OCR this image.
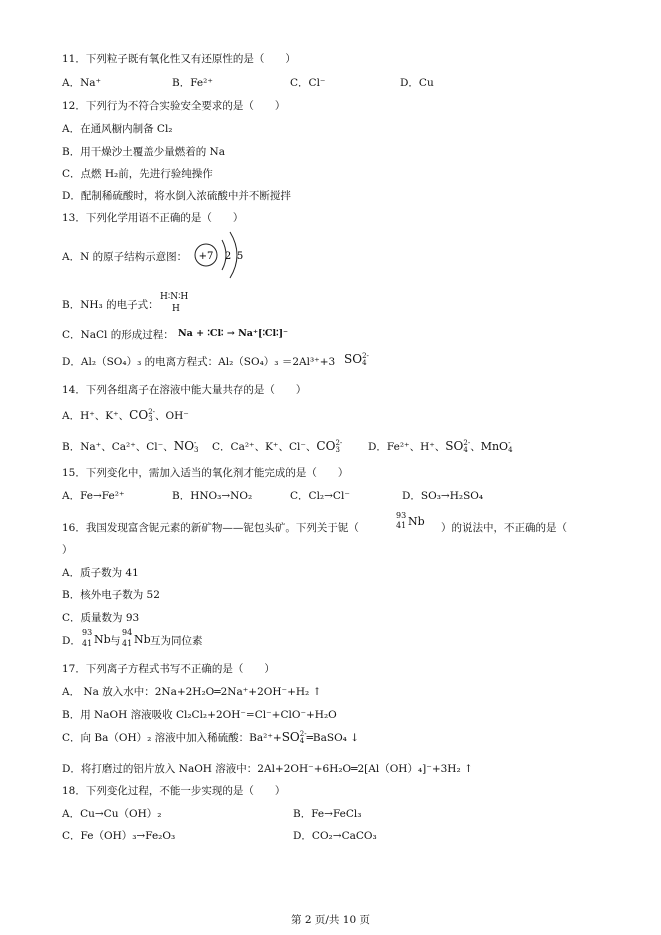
11．下列粒子既有氧化性又有还原性的是（　　）
A．Na⁺	B．Fe²⁺	C．Cl⁻	D．Cu
12．下列行为不符合实验安全要求的是（　　）
A．在通风橱内制备 Cl₂
B．用干燥沙土覆盖少量燃着的 Na
C．点燃 H₂前，先进行验纯操作
D．配制稀硫酸时，将水倒入浓硫酸中并不断搅拌
13．下列化学用语不正确的是（　　）
A．N 的原子结构示意图： +7 2 5
B．NH₃ 的电子式：
H∶N∶H
H
C．NaCl 的形成过程： Na + ∶Cl∶ → Na⁺[∶Cl∶]⁻
D．Al₂（SO₄）₃ 的电离方程式：Al₂（SO₄）₃ ＝2Al³⁺+3 SO 2-
4
14．下列各组离子在溶液中能大量共存的是（　　）
A．H⁺、K⁺、CO 2-
3 、OH⁻
B．Na⁺、Ca²⁺、Cl⁻、NO -
3 C．Ca²⁺、K⁺、Cl⁻、CO 2-
3	D．Fe²⁺、H⁺、SO 2-
4 、MnO -
4
15．下列变化中，需加入适当的氧化剂才能完成的是（　　）
A．Fe→Fe²⁺	B．HNO₃→NO₂	C．Cl₂→Cl⁻	D．SO₃→H₂SO₄
16．我国发现富含铌元素的新矿物——铌包头矿。下列关于铌（
93
41 Nb ）的说法中，不正确的是（
）
A．质子数为 41
B．核外电子数为 52
C．质量数为 93
D．
93
41 Nb 与
94
41 Nb 互为同位素
17．下列离子方程式书写不正确的是（　　）
A． Na 放入水中：2Na+2H₂O═2Na⁺+2OH⁻+H₂ ↑
B．用 NaOH 溶液吸收 Cl₂Cl₂+2OH⁻=Cl⁻+ClO⁻+H₂O
C．向 Ba（OH）₂ 溶液中加入稀硫酸：Ba²⁺+SO 2-
4 ═BaSO₄ ↓
D．将打磨过的铝片放入 NaOH 溶液中：2Al+2OH⁻+6H₂O═2[Al（OH）₄]⁻+3H₂ ↑
18．下列变化过程，不能一步实现的是（　　）
A．Cu→Cu（OH）₂	B．Fe→FeCl₃
C．Fe（OH）₃→Fe₂O₃	D．CO₂→CaCO₃
第 2 页/共 10 页
